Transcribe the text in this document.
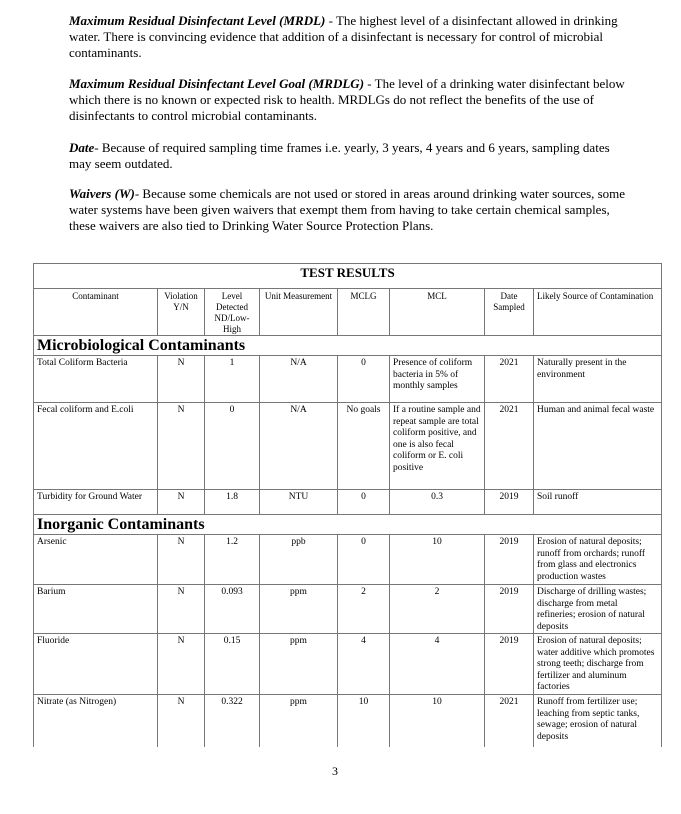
Maximum Residual Disinfectant Level (MRDL) - The highest level of a disinfectant allowed in drinking water. There is convincing evidence that addition of a disinfectant is necessary for control of microbial contaminants.
Maximum Residual Disinfectant Level Goal (MRDLG) - The level of a drinking water disinfectant below which there is no known or expected risk to health. MRDLGs do not reflect the benefits of the use of disinfectants to control microbial contaminants.
Date- Because of required sampling time frames i.e. yearly, 3 years, 4 years and 6 years, sampling dates may seem outdated.
Waivers (W)- Because some chemicals are not used or stored in areas around drinking water sources, some water systems have been given waivers that exempt them from having to take certain chemical samples, these waivers are also tied to Drinking Water Source Protection Plans.
TEST RESULTS							
Contaminant	Violation Y/N	Level Detected ND/Low-High	Unit Measurement	MCLG	MCL	Date Sampled	Likely Source of Contamination
Microbiological Contaminants							
Total Coliform Bacteria	N	1	N/A	0	Presence of coliform bacteria in 5% of monthly samples	2021	Naturally present in the environment
Fecal coliform and E.coli	N	0	N/A	No goals	If a routine sample and repeat sample are total coliform positive, and one is also fecal coliform or E. coli positive	2021	Human and animal fecal waste
Turbidity for Ground Water	N	1.8	NTU	0	0.3	2019	Soil runoff
Inorganic Contaminants							
Arsenic	N	1.2	ppb	0	10	2019	Erosion of natural deposits; runoff from orchards; runoff from glass and electronics production wastes
Barium	N	0.093	ppm	2	2	2019	Discharge of drilling wastes; discharge from metal refineries; erosion of natural deposits
Fluoride	N	0.15	ppm	4	4	2019	Erosion of natural deposits; water additive which promotes strong teeth; discharge from fertilizer and aluminum factories
Nitrate (as Nitrogen)	N	0.322	ppm	10	10	2021	Runoff from fertilizer use; leaching from septic tanks, sewage; erosion of natural deposits
3
